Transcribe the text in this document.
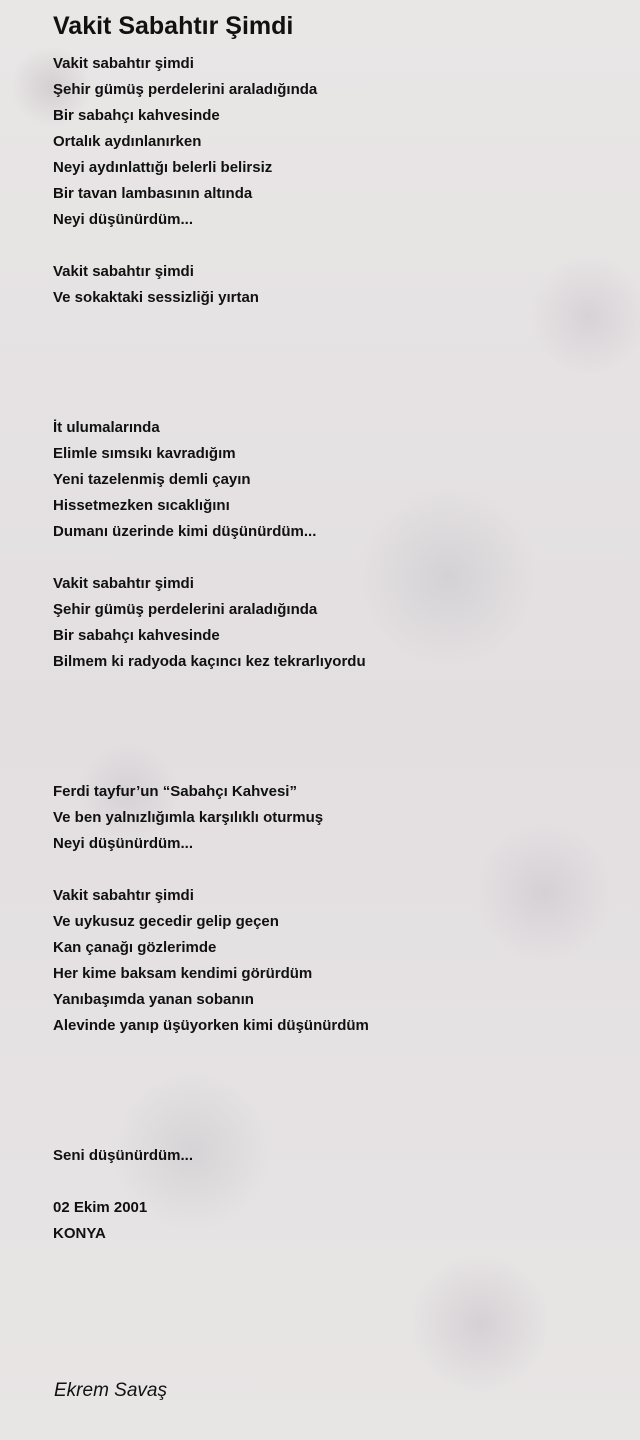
Vakit Sabahtır Şimdi
Vakit sabahtır şimdi
Şehir gümüş perdelerini araladığında
Bir sabahçı kahvesinde
Ortalık aydınlanırken
Neyi aydınlattığı belerli belirsiz
Bir tavan lambasının altında
Neyi düşünürdüm...
Vakit sabahtır şimdi
Ve sokaktaki sessizliği yırtan
İt ulumalarında
Elimle sımsıkı kavradığım
Yeni tazelenmiş demli çayın
Hissetmezken sıcaklığını
Dumanı üzerinde kimi düşünürdüm...
Vakit sabahtır şimdi
Şehir gümüş perdelerini araladığında
Bir sabahçı kahvesinde
Bilmem ki radyoda kaçıncı kez tekrarlıyordu
Ferdi tayfur’un “Sabahçı Kahvesi”
Ve ben yalnızlığımla karşılıklı oturmuş
Neyi düşünürdüm...
Vakit sabahtır şimdi
Ve uykusuz gecedir gelip geçen
Kan çanağı gözlerimde
Her kime baksam kendimi görürdüm
Yanıbaşımda yanan sobanın
Alevinde yanıp üşüyorken kimi düşünürdüm
Seni düşünürdüm...
02 Ekim 2001
KONYA
Ekrem Savaş
